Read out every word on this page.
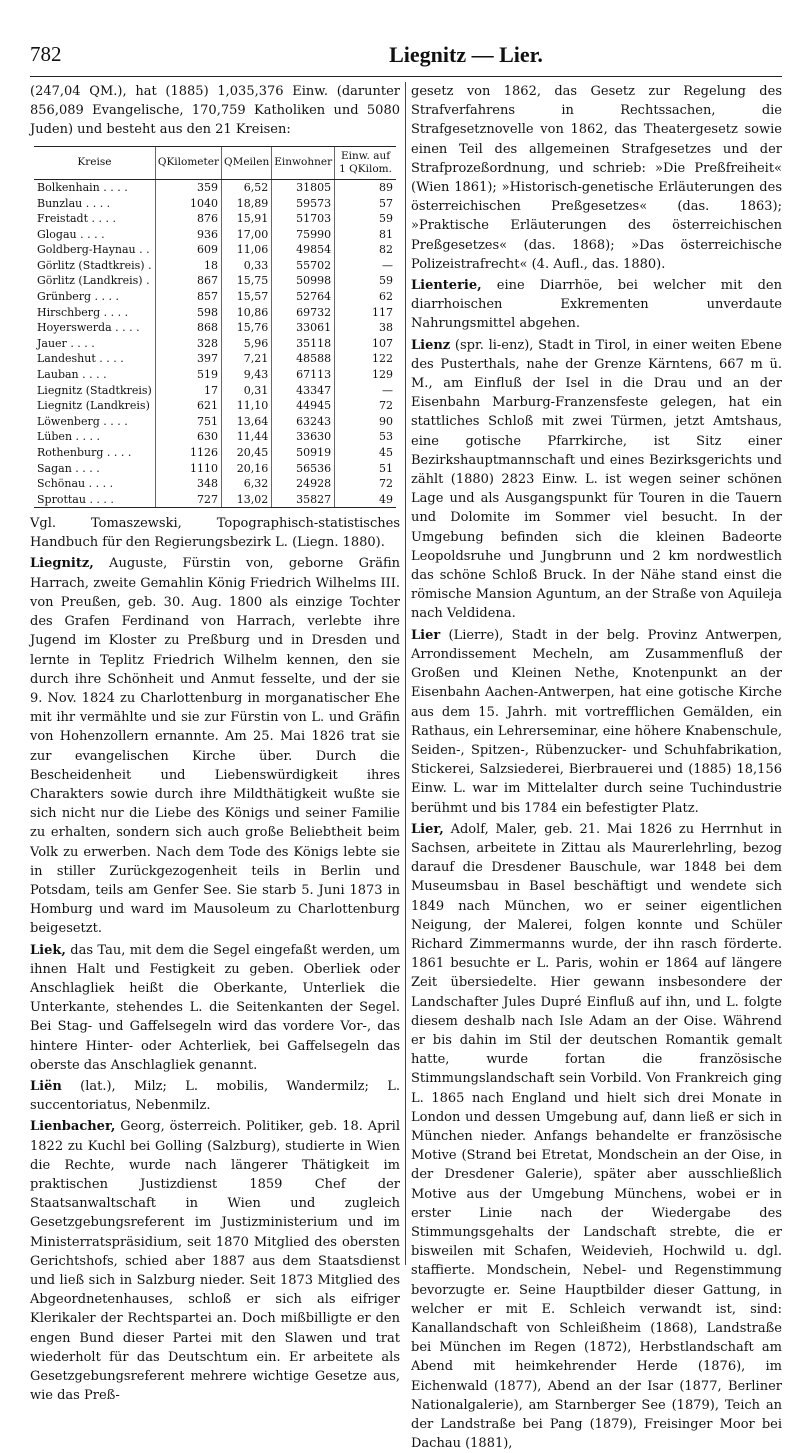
782	Liegnitz — Lier.

(247,04 QM.), hat (1885) 1,035,376 Einw. (darunter 856,089 Evangelische, 170,759 Katholiken und 5080 Juden) und besteht aus den 21 Kreisen:

Kreise	QKilometer	QMeilen	Einwohner	Einw. auf 1 QKilom.
Bolkenhain . . . .	359	6,52	31805	89
Bunzlau . . . .	1040	18,89	59573	57
Freistadt . . . .	876	15,91	51703	59
Glogau . . . .	936	17,00	75990	81
Goldberg-Haynau . .	609	11,06	49854	82
Görlitz (Stadtkreis) .	18	0,33	55702	—
Görlitz (Landkreis) .	867	15,75	50998	59
Grünberg . . . .	857	15,57	52764	62
Hirschberg . . . .	598	10,86	69732	117
Hoyerswerda . . . .	868	15,76	33061	38
Jauer . . . .	328	5,96	35118	107
Landeshut . . . .	397	7,21	48588	122
Lauban . . . .	519	9,43	67113	129
Liegnitz (Stadtkreis)	17	0,31	43347	—
Liegnitz (Landkreis)	621	11,10	44945	72
Löwenberg . . . .	751	13,64	63243	90
Lüben . . . .	630	11,44	33630	53
Rothenburg . . . .	1126	20,45	50919	45
Sagan . . . .	1110	20,16	56536	51
Schönau . . . .	348	6,32	24928	72
Sprottau . . . .	727	13,02	35827	49

Vgl. Tomaszewski, Topographisch-statistisches Handbuch für den Regierungsbezirk L. (Liegn. 1880).

Liegnitz, Auguste, Fürstin von, geborne Gräfin Harrach, zweite Gemahlin König Friedrich Wilhelms III. von Preußen, geb. 30. Aug. 1800 als einzige Tochter des Grafen Ferdinand von Harrach, verlebte ihre Jugend im Kloster zu Preßburg und in Dresden und lernte in Teplitz Friedrich Wilhelm kennen, den sie durch ihre Schönheit und Anmut fesselte, und der sie 9. Nov. 1824 zu Charlottenburg in morganatischer Ehe mit ihr vermählte und sie zur Fürstin von L. und Gräfin von Hohenzollern ernannte. Am 25. Mai 1826 trat sie zur evangelischen Kirche über. Durch die Bescheidenheit und Liebenswürdigkeit ihres Charakters sowie durch ihre Mildthätigkeit wußte sie sich nicht nur die Liebe des Königs und seiner Familie zu erhalten, sondern sich auch große Beliebtheit beim Volk zu erwerben. Nach dem Tode des Königs lebte sie in stiller Zurückgezogenheit teils in Berlin und Potsdam, teils am Genfer See. Sie starb 5. Juni 1873 in Homburg und ward im Mausoleum zu Charlottenburg beigesetzt.

Liek, das Tau, mit dem die Segel eingefaßt werden, um ihnen Halt und Festigkeit zu geben. Oberliek oder Anschlagliek heißt die Oberkante, Unterliek die Unterkante, stehendes L. die Seitenkanten der Segel. Bei Stag- und Gaffelsegeln wird das vordere Vor-, das hintere Hinter- oder Achterliek, bei Gaffelsegeln das oberste das Anschlagliek genannt.

Liën (lat.), Milz; L. mobilis, Wandermilz; L. succentoriatus, Nebenmilz.

Lienbacher, Georg, österreich. Politiker, geb. 18. April 1822 zu Kuchl bei Golling (Salzburg), studierte in Wien die Rechte, wurde nach längerer Thätigkeit im praktischen Justizdienst 1859 Chef der Staatsanwaltschaft in Wien und zugleich Gesetzgebungsreferent im Justizministerium und im Ministerratspräsidium, seit 1870 Mitglied des obersten Gerichtshofs, schied aber 1887 aus dem Staatsdienst und ließ sich in Salzburg nieder. Seit 1873 Mitglied des Abgeordnetenhauses, schloß er sich als eifriger Klerikaler der Rechtspartei an. Doch mißbilligte er den engen Bund dieser Partei mit den Slawen und trat wiederholt für das Deutschtum ein. Er arbeitete als Gesetzgebungsreferent mehrere wichtige Gesetze aus, wie das Preß-

gesetz von 1862, das Gesetz zur Regelung des Strafverfahrens in Rechtssachen, die Strafgesetznovelle von 1862, das Theatergesetz sowie einen Teil des allgemeinen Strafgesetzes und der Strafprozeßordnung, und schrieb: »Die Preßfreiheit« (Wien 1861); »Historisch-genetische Erläuterungen des österreichischen Preßgesetzes« (das. 1863); »Praktische Erläuterungen des österreichischen Preßgesetzes« (das. 1868); »Das österreichische Polizeistrafrecht« (4. Aufl., das. 1880).

Lienterie, eine Diarrhöe, bei welcher mit den diarrhoischen Exkrementen unverdaute Nahrungsmittel abgehen.

Lienz (spr. li-enz), Stadt in Tirol, in einer weiten Ebene des Pusterthals, nahe der Grenze Kärntens, 667 m ü. M., am Einfluß der Isel in die Drau und an der Eisenbahn Marburg-Franzensfeste gelegen, hat ein stattliches Schloß mit zwei Türmen, jetzt Amtshaus, eine gotische Pfarrkirche, ist Sitz einer Bezirkshauptmannschaft und eines Bezirksgerichts und zählt (1880) 2823 Einw. L. ist wegen seiner schönen Lage und als Ausgangspunkt für Touren in die Tauern und Dolomite im Sommer viel besucht. In der Umgebung befinden sich die kleinen Badeorte Leopoldsruhe und Jungbrunn und 2 km nordwestlich das schöne Schloß Bruck. In der Nähe stand einst die römische Mansion Aguntum, an der Straße von Aquileja nach Veldidena.

Lier (Lierre), Stadt in der belg. Provinz Antwerpen, Arrondissement Mecheln, am Zusammenfluß der Großen und Kleinen Nethe, Knotenpunkt an der Eisenbahn Aachen-Antwerpen, hat eine gotische Kirche aus dem 15. Jahrh. mit vortrefflichen Gemälden, ein Rathaus, ein Lehrerseminar, eine höhere Knabenschule, Seiden-, Spitzen-, Rübenzucker- und Schuhfabrikation, Stickerei, Salzsiederei, Bierbrauerei und (1885) 18,156 Einw. L. war im Mittelalter durch seine Tuchindustrie berühmt und bis 1784 ein befestigter Platz.

Lier, Adolf, Maler, geb. 21. Mai 1826 zu Herrnhut in Sachsen, arbeitete in Zittau als Maurerlehrling, bezog darauf die Dresdener Bauschule, war 1848 bei dem Museumsbau in Basel beschäftigt und wendete sich 1849 nach München, wo er seiner eigentlichen Neigung, der Malerei, folgen konnte und Schüler Richard Zimmermanns wurde, der ihn rasch förderte. 1861 besuchte er L. Paris, wohin er 1864 auf längere Zeit übersiedelte. Hier gewann insbesondere der Landschafter Jules Dupré Einfluß auf ihn, und L. folgte diesem deshalb nach Isle Adam an der Oise. Während er bis dahin im Stil der deutschen Romantik gemalt hatte, wurde fortan die französische Stimmungslandschaft sein Vorbild. Von Frankreich ging L. 1865 nach England und hielt sich drei Monate in London und dessen Umgebung auf, dann ließ er sich in München nieder. Anfangs behandelte er französische Motive (Strand bei Etretat, Mondschein an der Oise, in der Dresdener Galerie), später aber ausschließlich Motive aus der Umgebung Münchens, wobei er in erster Linie nach der Wiedergabe des Stimmungsgehalts der Landschaft strebte, die er bisweilen mit Schafen, Weidevieh, Hochwild u. dgl. staffierte. Mondschein, Nebel- und Regenstimmung bevorzugte er. Seine Hauptbilder dieser Gattung, in welcher er mit E. Schleich verwandt ist, sind: Kanallandschaft von Schleißheim (1868), Landstraße bei München im Regen (1872), Herbstlandschaft am Abend mit heimkehrender Herde (1876), im Eichenwald (1877), Abend an der Isar (1877, Berliner Nationalgalerie), am Starnberger See (1879), Teich an der Landstraße bei Pang (1879), Freisinger Moor bei Dachau (1881),
